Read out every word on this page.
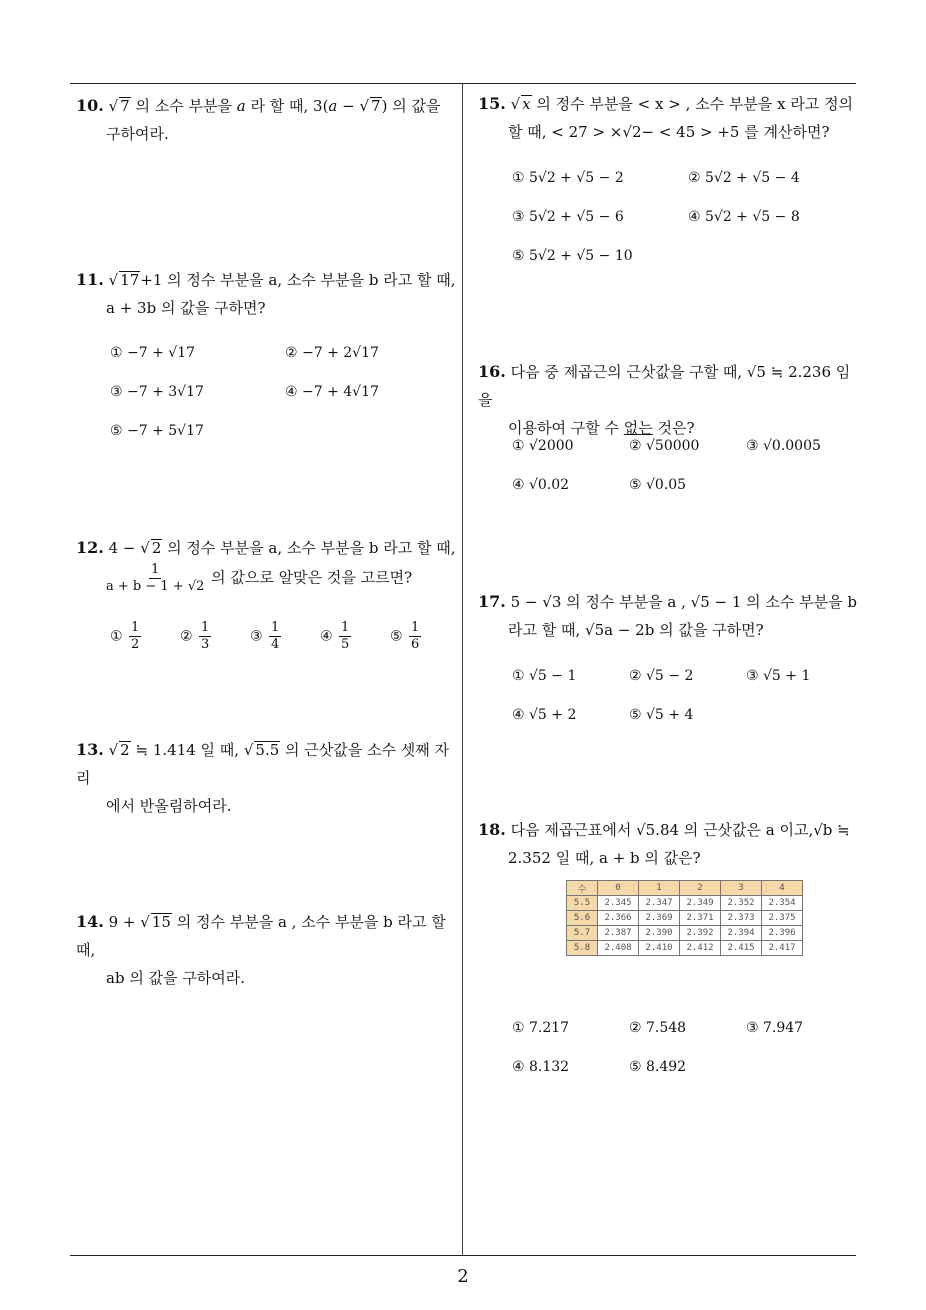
10. √ 7 의 소수 부분을 a 라 할 때, 3(a − √ 7) 의 값을
구하여라.
11. √ 17+1 의 정수 부분을 a, 소수 부분을 b 라고 할 때,
a + 3b 의 값을 구하면?
① −7 + √17	② −7 + 2√17
③ −7 + 3√17	④ −7 + 4√17
⑤ −7 + 5√17
12. 4 − √ 2 의 정수 부분을 a, 소수 부분을 b 라고 할 때,
$\frac{1}{a + b - 1 + √2}$ 의 값으로 알맞은 것을 고르면?
① $\frac{1}{2}$	② $\frac{1}{3}$	③ $\frac{1}{4}$	④ $\frac{1}{5}$	⑤ $\frac{1}{6}$
13. √ 2 ≒ 1.414 일 때, √ 5.5 의 근삿값을 소수 셋째 자리
에서 반올림하여라.
14. 9 + √ 15 의 정수 부분을 a , 소수 부분을 b 라고 할 때,
ab 의 값을 구하여라.
15. √ x 의 정수 부분을 < x > , 소수 부분을 x 라고 정의
할 때, < 27 > ×√2− < 45 > +5 를 계산하면?
① 5√2 + √5 − 2	② 5√2 + √5 − 4
③ 5√2 + √5 − 6	④ 5√2 + √5 − 8
⑤ 5√2 + √5 − 10
16. 다음 중 제곱근의 근삿값을 구할 때, √5 ≒ 2.236 임을
이용하여 구할 수 없는 것은?
① √2000	② √50000	③ √0.0005
④ √0.02	⑤ √0.05
17. 5 − √3 의 정수 부분을 a , √5 − 1 의 소수 부분을 b
라고 할 때, √5a − 2b 의 값을 구하면?
① √5 − 1	② √5 − 2	③ √5 + 1
④ √5 + 2	⑤ √5 + 4
18. 다음 제곱근표에서 √5.84 의 근삿값은 a 이고,√b ≒
2.352 일 때, a + b 의 값은?
수	0	1	2	3	4
5.5	2.345	2.347	2.349	2.352	2.354
5.6	2.366	2.369	2.371	2.373	2.375
5.7	2.387	2.390	2.392	2.394	2.396
5.8	2.408	2.410	2.412	2.415	2.417
① 7.217	② 7.548	③ 7.947
④ 8.132	⑤ 8.492
2
